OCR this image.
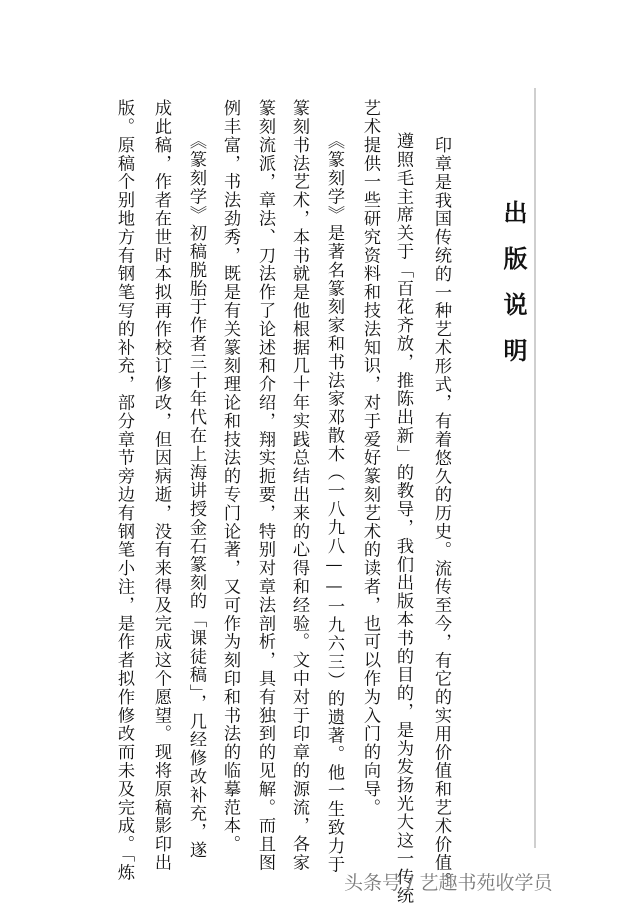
出版说明
印章是我国传统的一种艺术形式，有着悠久的历史。流传至今，有它的实用价值和艺术价值。
遵照毛主席关于「百花齐放，推陈出新」的教导，我们出版本书的目的，是为发扬光大这一传统
艺术提供一些研究资料和技法知识，对于爱好篆刻艺术的读者，也可以作为入门的向导。
《篆刻学》是著名篆刻家和书法家邓散木（一八九八——一九六三）的遗著。他一生致力于
篆刻书法艺术，本书就是他根据几十年实践总结出来的心得和经验。文中对于印章的源流，各家
篆刻流派，章法、刀法作了论述和介绍，翔实扼要，特别对章法剖析，具有独到的见解。而且图
例丰富，书法劲秀，既是有关篆刻理论和技法的专门论著，又可作为刻印和书法的临摹范本。
《篆刻学》初稿脱胎于作者三十年代在上海讲授金石篆刻的「课徒稿」，几经修改补充，遂
成此稿，作者在世时本拟再作校订修改，但因病逝，没有来得及完成这个愿望。现将原稿影印出
版。原稿个别地方有钢笔写的补充，部分章节旁边有钢笔小注，是作者拟作修改而未及完成。「炼
头条号 / 艺趣书苑收学员
